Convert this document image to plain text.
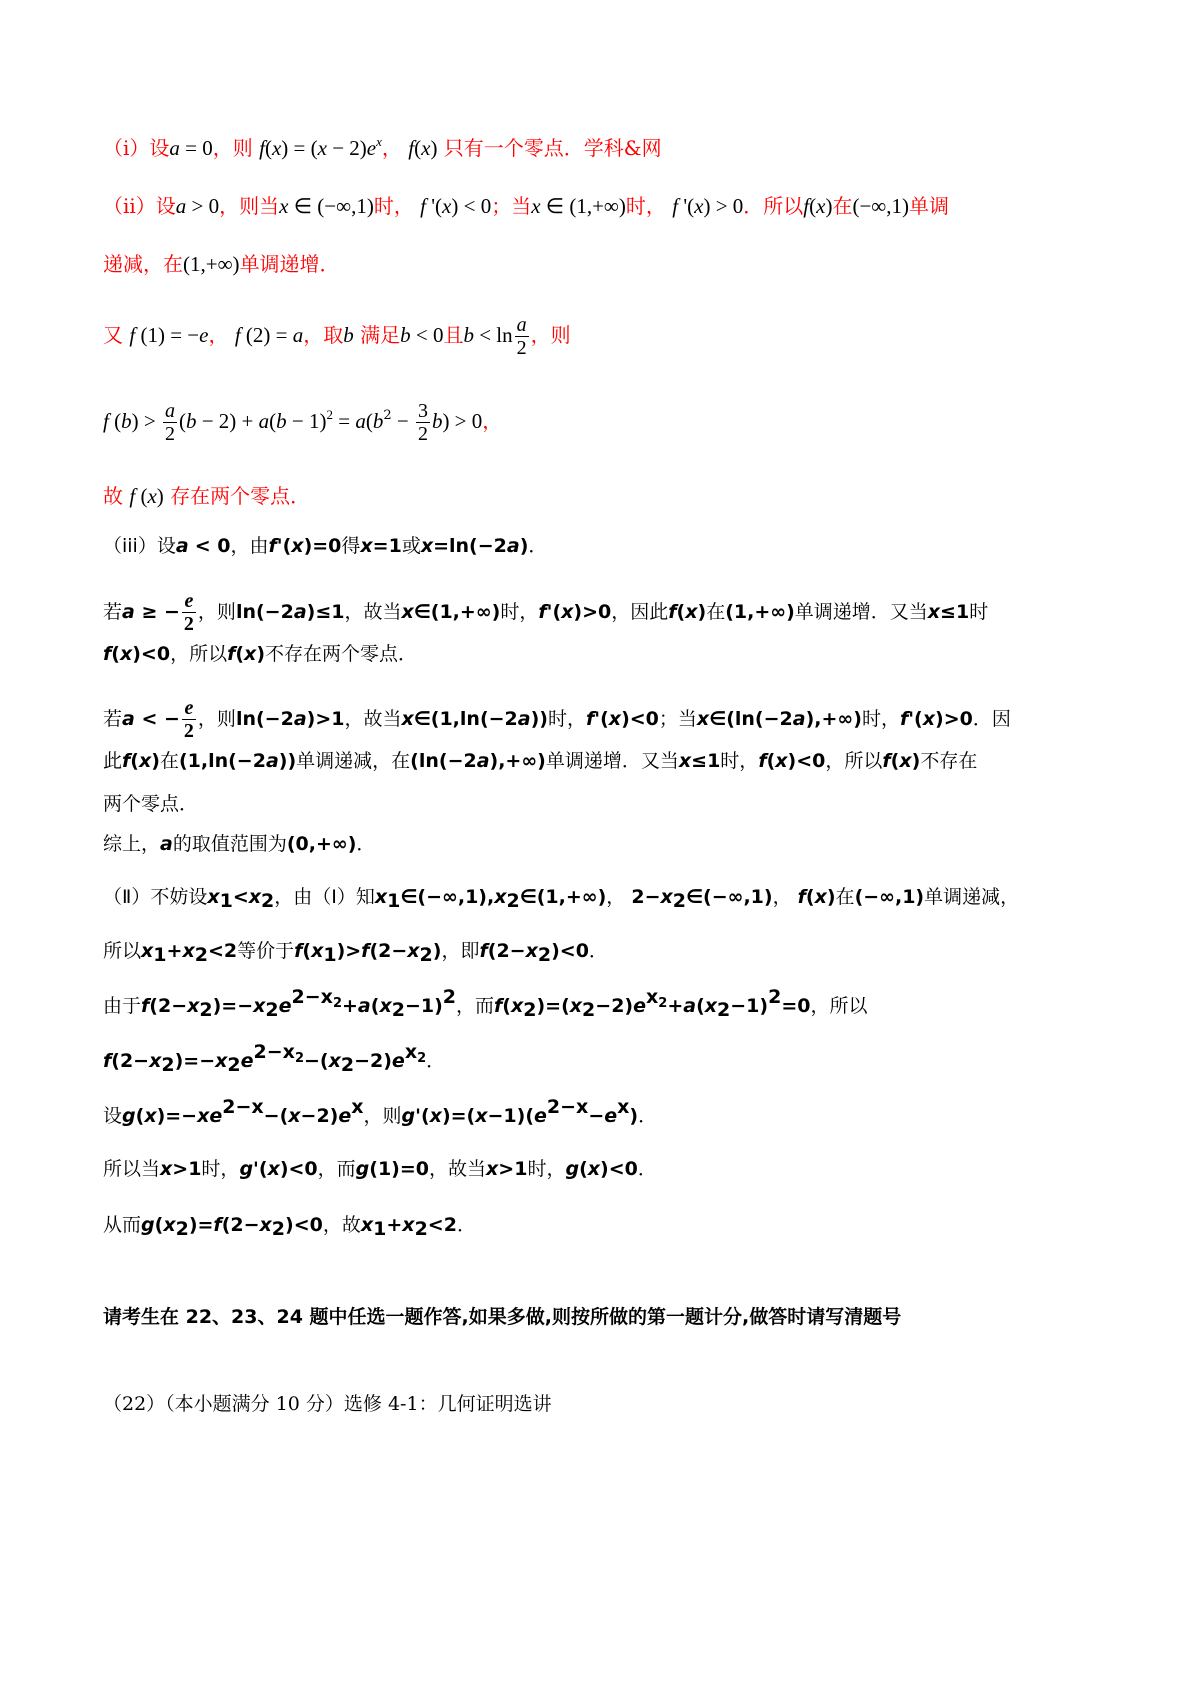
（i）设a = 0，则 $f(x) = (x - 2)e^x$， f(x) 只有一个零点．学科&网
（ii）设a > 0，则当x ∈ (−∞,1)时， f '(x) < 0；当x ∈ (1,+∞)时， f '(x) > 0．所以f(x)在(−∞,1)单调
递减，在(1,+∞)单调递增．
又 f (1) = −e， f (2) = a，取b 满足b < 0且$b < \ln \frac{a}{2}$ ，则
f $(b) > \frac{a}{2} (b - 2) + a(b - 1)^2 = a(b^2 - \frac{3}{2} b) > 0$，
故 f (x) 存在两个零点．
（iii）设a < 0，由f'(x)=0得x=1或x=ln(−2a)．
若a ≥ − $\frac{e}{2}$ ，则ln(−2a)≤1，故当x∈(1,+∞)时，f'(x)>0，因此f(x)在(1,+∞)单调递增．又当x≤1时
f(x)<0，所以f(x)不存在两个零点．
若a < − $\frac{e}{2}$ ，则ln(−2a)>1，故当x∈(1,ln(−2a))时，f'(x)<0；当x∈(ln(−2a),+∞)时，f'(x)>0．因
此f(x)在(1,ln(−2a))单调递减，在(ln(−2a),+∞)单调递增．又当x≤1时，f(x)<0，所以f(x)不存在
两个零点．
综上，a的取值范围为(0,+∞)．
（Ⅱ）不妨设$x_1<x_2$，由（Ⅰ）知$x_1\in(-\infty,1),x_2\in(1,+\infty)$， $2-x_2\in(-\infty,1)$， f(x)在(−∞,1)单调递减，
所以$x_1+x_2<2$等价于$f(x_1)>f(2-x_2)$，即$f(2-x_2)<0$．
由于$f(2-x_2)=-x_2e^{2-x_2}+a(x_2-1)^2$，而$f(x_2)=(x_2-2)e^{x_2}+a(x_2-1)^2=0$，所以
$f(2-x_2)=-x_2e^{2-x_2}-(x_2-2)e^{x_2}$．
设$g(x)=-xe^{2-x}-(x-2)e^x$，则$g'(x)=(x-1)(e^{2-x}-e^x)$．
所以当x>1时，g'(x)<0，而g(1)=0，故当x>1时，g(x)<0．
从而$g(x_2)=f(2-x_2)<0$，故$x_1+x_2<2$．
请考生在 22、23、24 题中任选一题作答,如果多做,则按所做的第一题计分,做答时请写清题号
（22）（本小题满分 10 分）选修 4-1：几何证明选讲
